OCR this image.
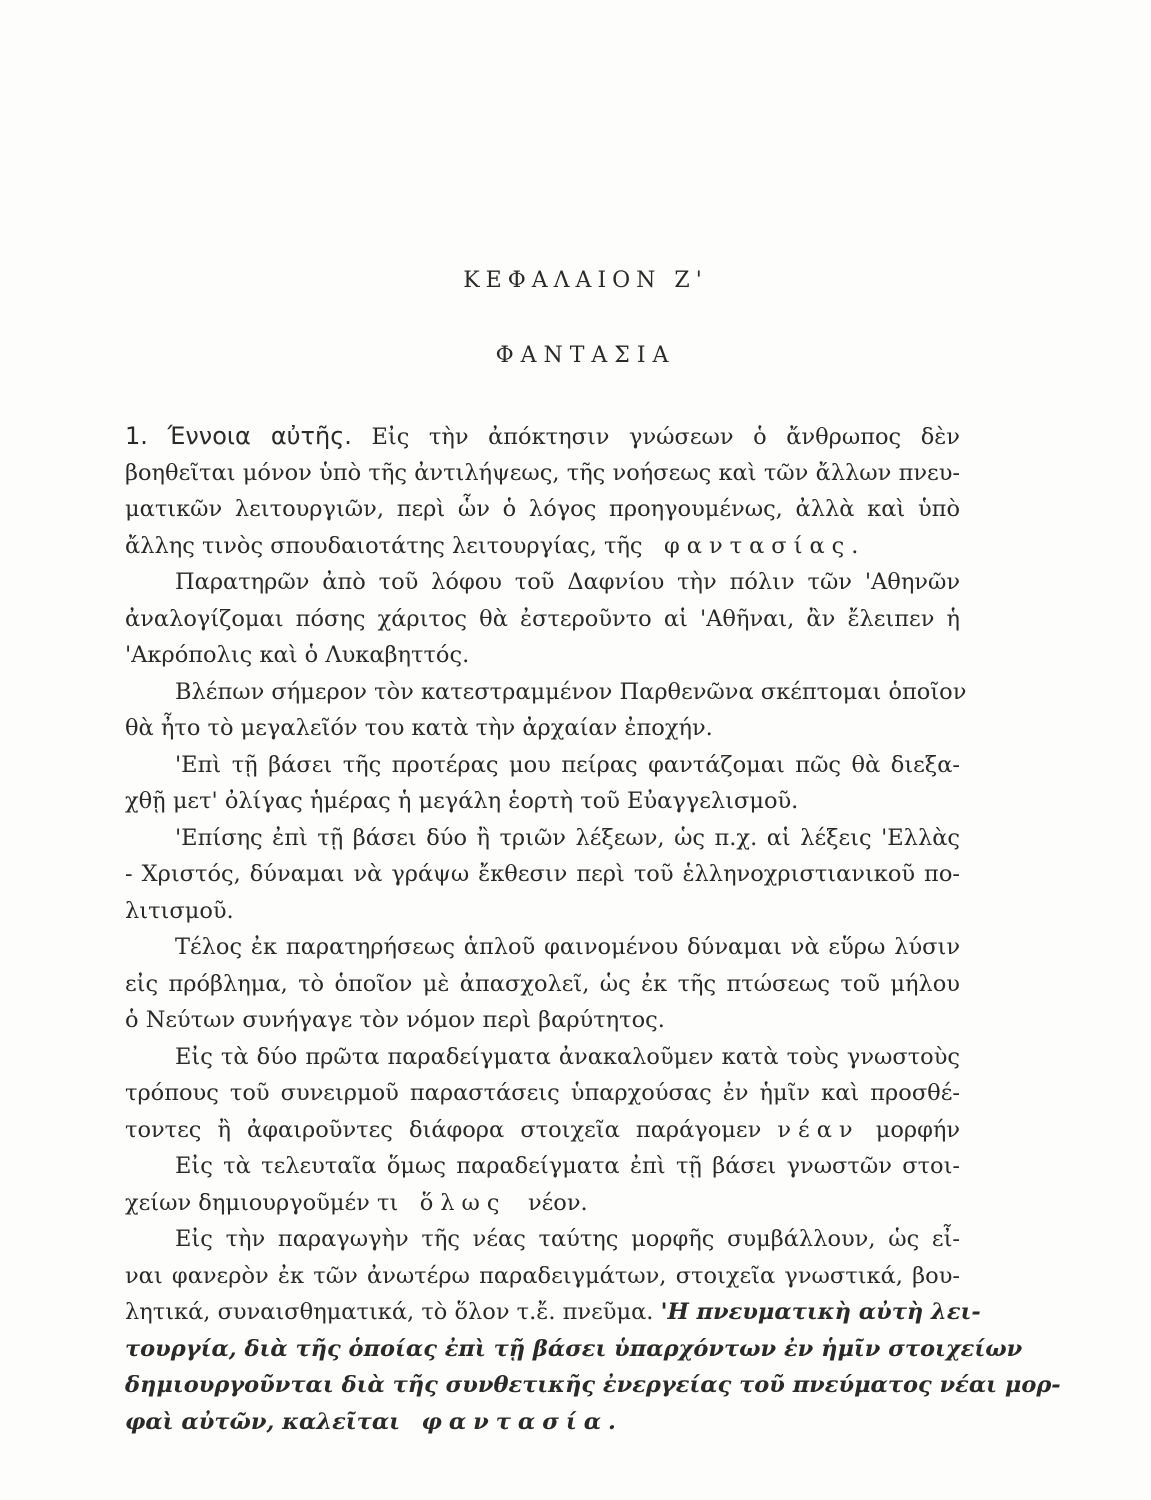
ΚΕΦΑΛΑΙΟΝ Ζ'
ΦΑΝΤΑΣΙΑ
1. Έννοια αὐτῆς. Εἰς τὴν ἀπόκτησιν γνώσεων ὁ ἄνθρωπος δὲν
βοηθεῖται μόνον ὑπὸ τῆς ἀντιλήψεως, τῆς νοήσεως καὶ τῶν ἄλλων πνευ-
ματικῶν λειτουργιῶν, περὶ ὧν ὁ λόγος προηγουμένως, ἀλλὰ καὶ ὑπὸ
ἄλλης τινὸς σπουδαιοτάτης λειτουργίας, τῆς φαντασίας.
Παρατηρῶν ἀπὸ τοῦ λόφου τοῦ Δαφνίου τὴν πόλιν τῶν 'Αθηνῶν
ἀναλογίζομαι πόσης χάριτος θὰ ἐστεροῦντο αἱ 'Αθῆναι, ἂν ἔλειπεν ἡ
'Ακρόπολις καὶ ὁ Λυκαβηττός.
Βλέπων σήμερον τὸν κατεστραμμένον Παρθενῶνα σκέπτομαι ὁποῖον
θὰ ἦτο τὸ μεγαλεῖόν του κατὰ τὴν ἀρχαίαν ἐποχήν.
'Επὶ τῇ βάσει τῆς προτέρας μου πείρας φαντάζομαι πῶς θὰ διεξα-
χθῇ μετ' ὀλίγας ἡμέρας ἡ μεγάλη ἑορτὴ τοῦ Εὐαγγελισμοῦ.
'Επίσης ἐπὶ τῇ βάσει δύο ἢ τριῶν λέξεων, ὡς π.χ. αἱ λέξεις 'Ελλὰς
- Χριστός, δύναμαι νὰ γράψω ἔκθεσιν περὶ τοῦ ἑλληνοχριστιανικοῦ πο-
λιτισμοῦ.
Τέλος ἐκ παρατηρήσεως ἁπλοῦ φαινομένου δύναμαι νὰ εὕρω λύσιν
εἰς πρόβλημα, τὸ ὁποῖον μὲ ἀπασχολεῖ, ὡς ἐκ τῆς πτώσεως τοῦ μήλου
ὁ Νεύτων συνήγαγε τὸν νόμον περὶ βαρύτητος.
Εἰς τὰ δύο πρῶτα παραδείγματα ἀνακαλοῦμεν κατὰ τοὺς γνωστοὺς
τρόπους τοῦ συνειρμοῦ παραστάσεις ὑπαρχούσας ἐν ἡμῖν καὶ προσθέ-
τοντες ἢ ἀφαιροῦντες διάφορα στοιχεῖα παράγομεν νέαν μορφήν
Εἰς τὰ τελευταῖα ὅμως παραδείγματα ἐπὶ τῇ βάσει γνωστῶν στοι-
χείων δημιουργοῦμέν τι ὅλως νέον.
Εἰς τὴν παραγωγὴν τῆς νέας ταύτης μορφῆς συμβάλλουν, ὡς εἶ-
ναι φανερὸν ἐκ τῶν ἀνωτέρω παραδειγμάτων, στοιχεῖα γνωστικά, βου-
λητικά, συναισθηματικά, τὸ ὅλον τ.ἔ. πνεῦμα. 'Η πνευματικὴ αὐτὴ λει-
τουργία, διὰ τῆς ὁποίας ἐπὶ τῇ βάσει ὑπαρχόντων ἐν ἡμῖν στοιχείων
δημιουργοῦνται διὰ τῆς συνθετικῆς ἐνεργείας τοῦ πνεύματος νέαι μορ-
φαὶ αὐτῶν, καλεῖται φαντασία.
